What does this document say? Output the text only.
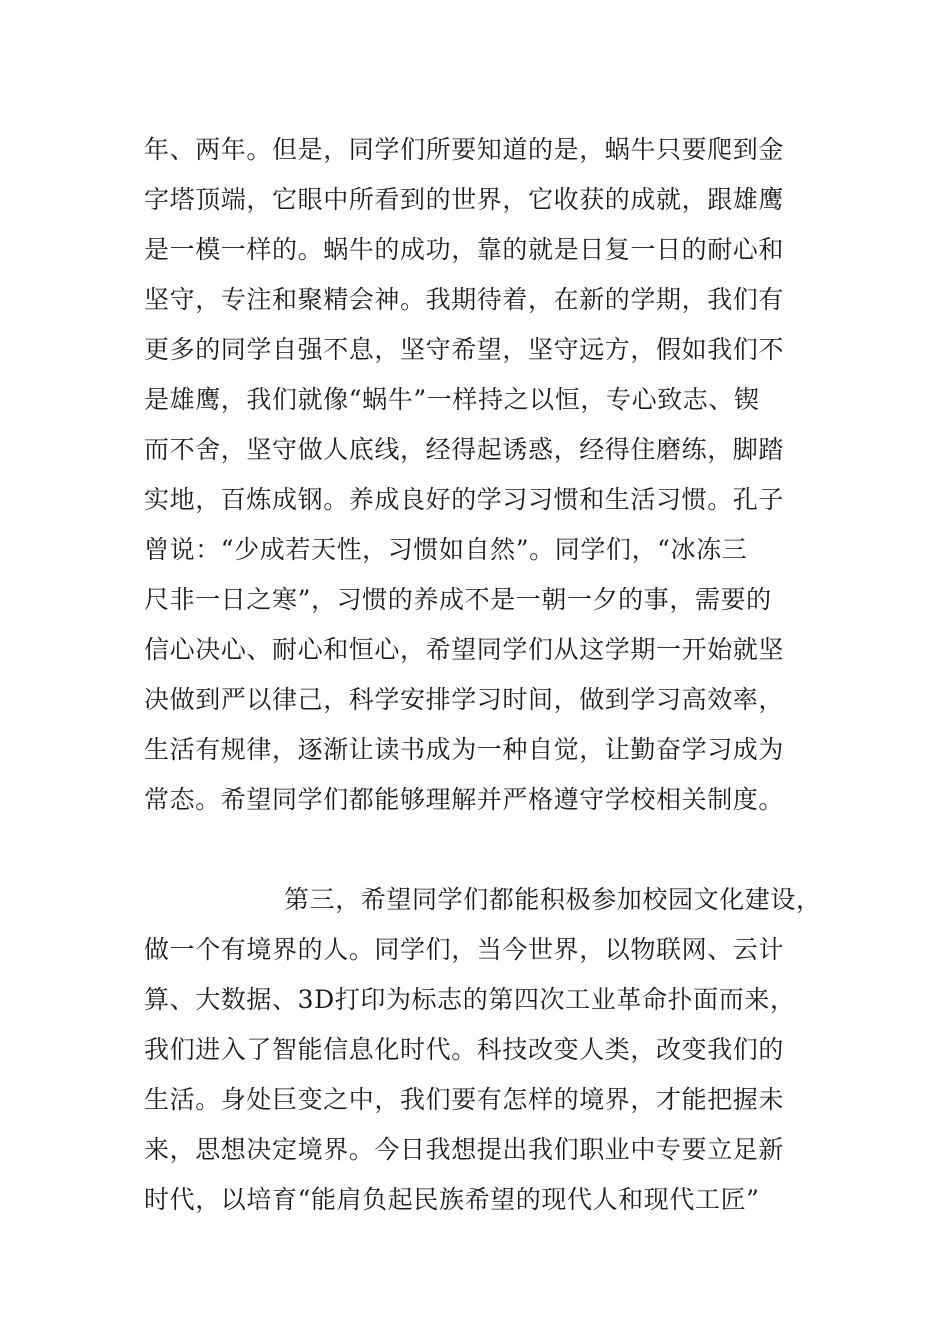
年、两年。但是，同学们所要知道的是，蜗牛只要爬到金
字塔顶端，它眼中所看到的世界，它收获的成就，跟雄鹰
是一模一样的。蜗牛的成功，靠的就是日复一日的耐心和
坚守，专注和聚精会神。我期待着，在新的学期，我们有
更多的同学自强不息，坚守希望，坚守远方，假如我们不
是雄鹰，我们就像“蜗牛”一样持之以恒，专心致志、锲
而不舍，坚守做人底线，经得起诱惑，经得住磨练，脚踏
实地，百炼成钢。养成良好的学习习惯和生活习惯。孔子
曾说：“少成若天性，习惯如自然”。同学们，“冰冻三
尺非一日之寒”，习惯的养成不是一朝一夕的事，需要的
信心决心、耐心和恒心，希望同学们从这学期一开始就坚
决做到严以律己，科学安排学习时间，做到学习高效率，
生活有规律，逐渐让读书成为一种自觉，让勤奋学习成为
常态。希望同学们都能够理解并严格遵守学校相关制度。
第三，希望同学们都能积极参加校园文化建设，
做一个有境界的人。同学们，当今世界，以物联网、云计
算、大数据、3D打印为标志的第四次工业革命扑面而来，
我们进入了智能信息化时代。科技改变人类，改变我们的
生活。身处巨变之中，我们要有怎样的境界，才能把握未
来，思想决定境界。今日我想提出我们职业中专要立足新
时代，以培育“能肩负起民族希望的现代人和现代工匠”
